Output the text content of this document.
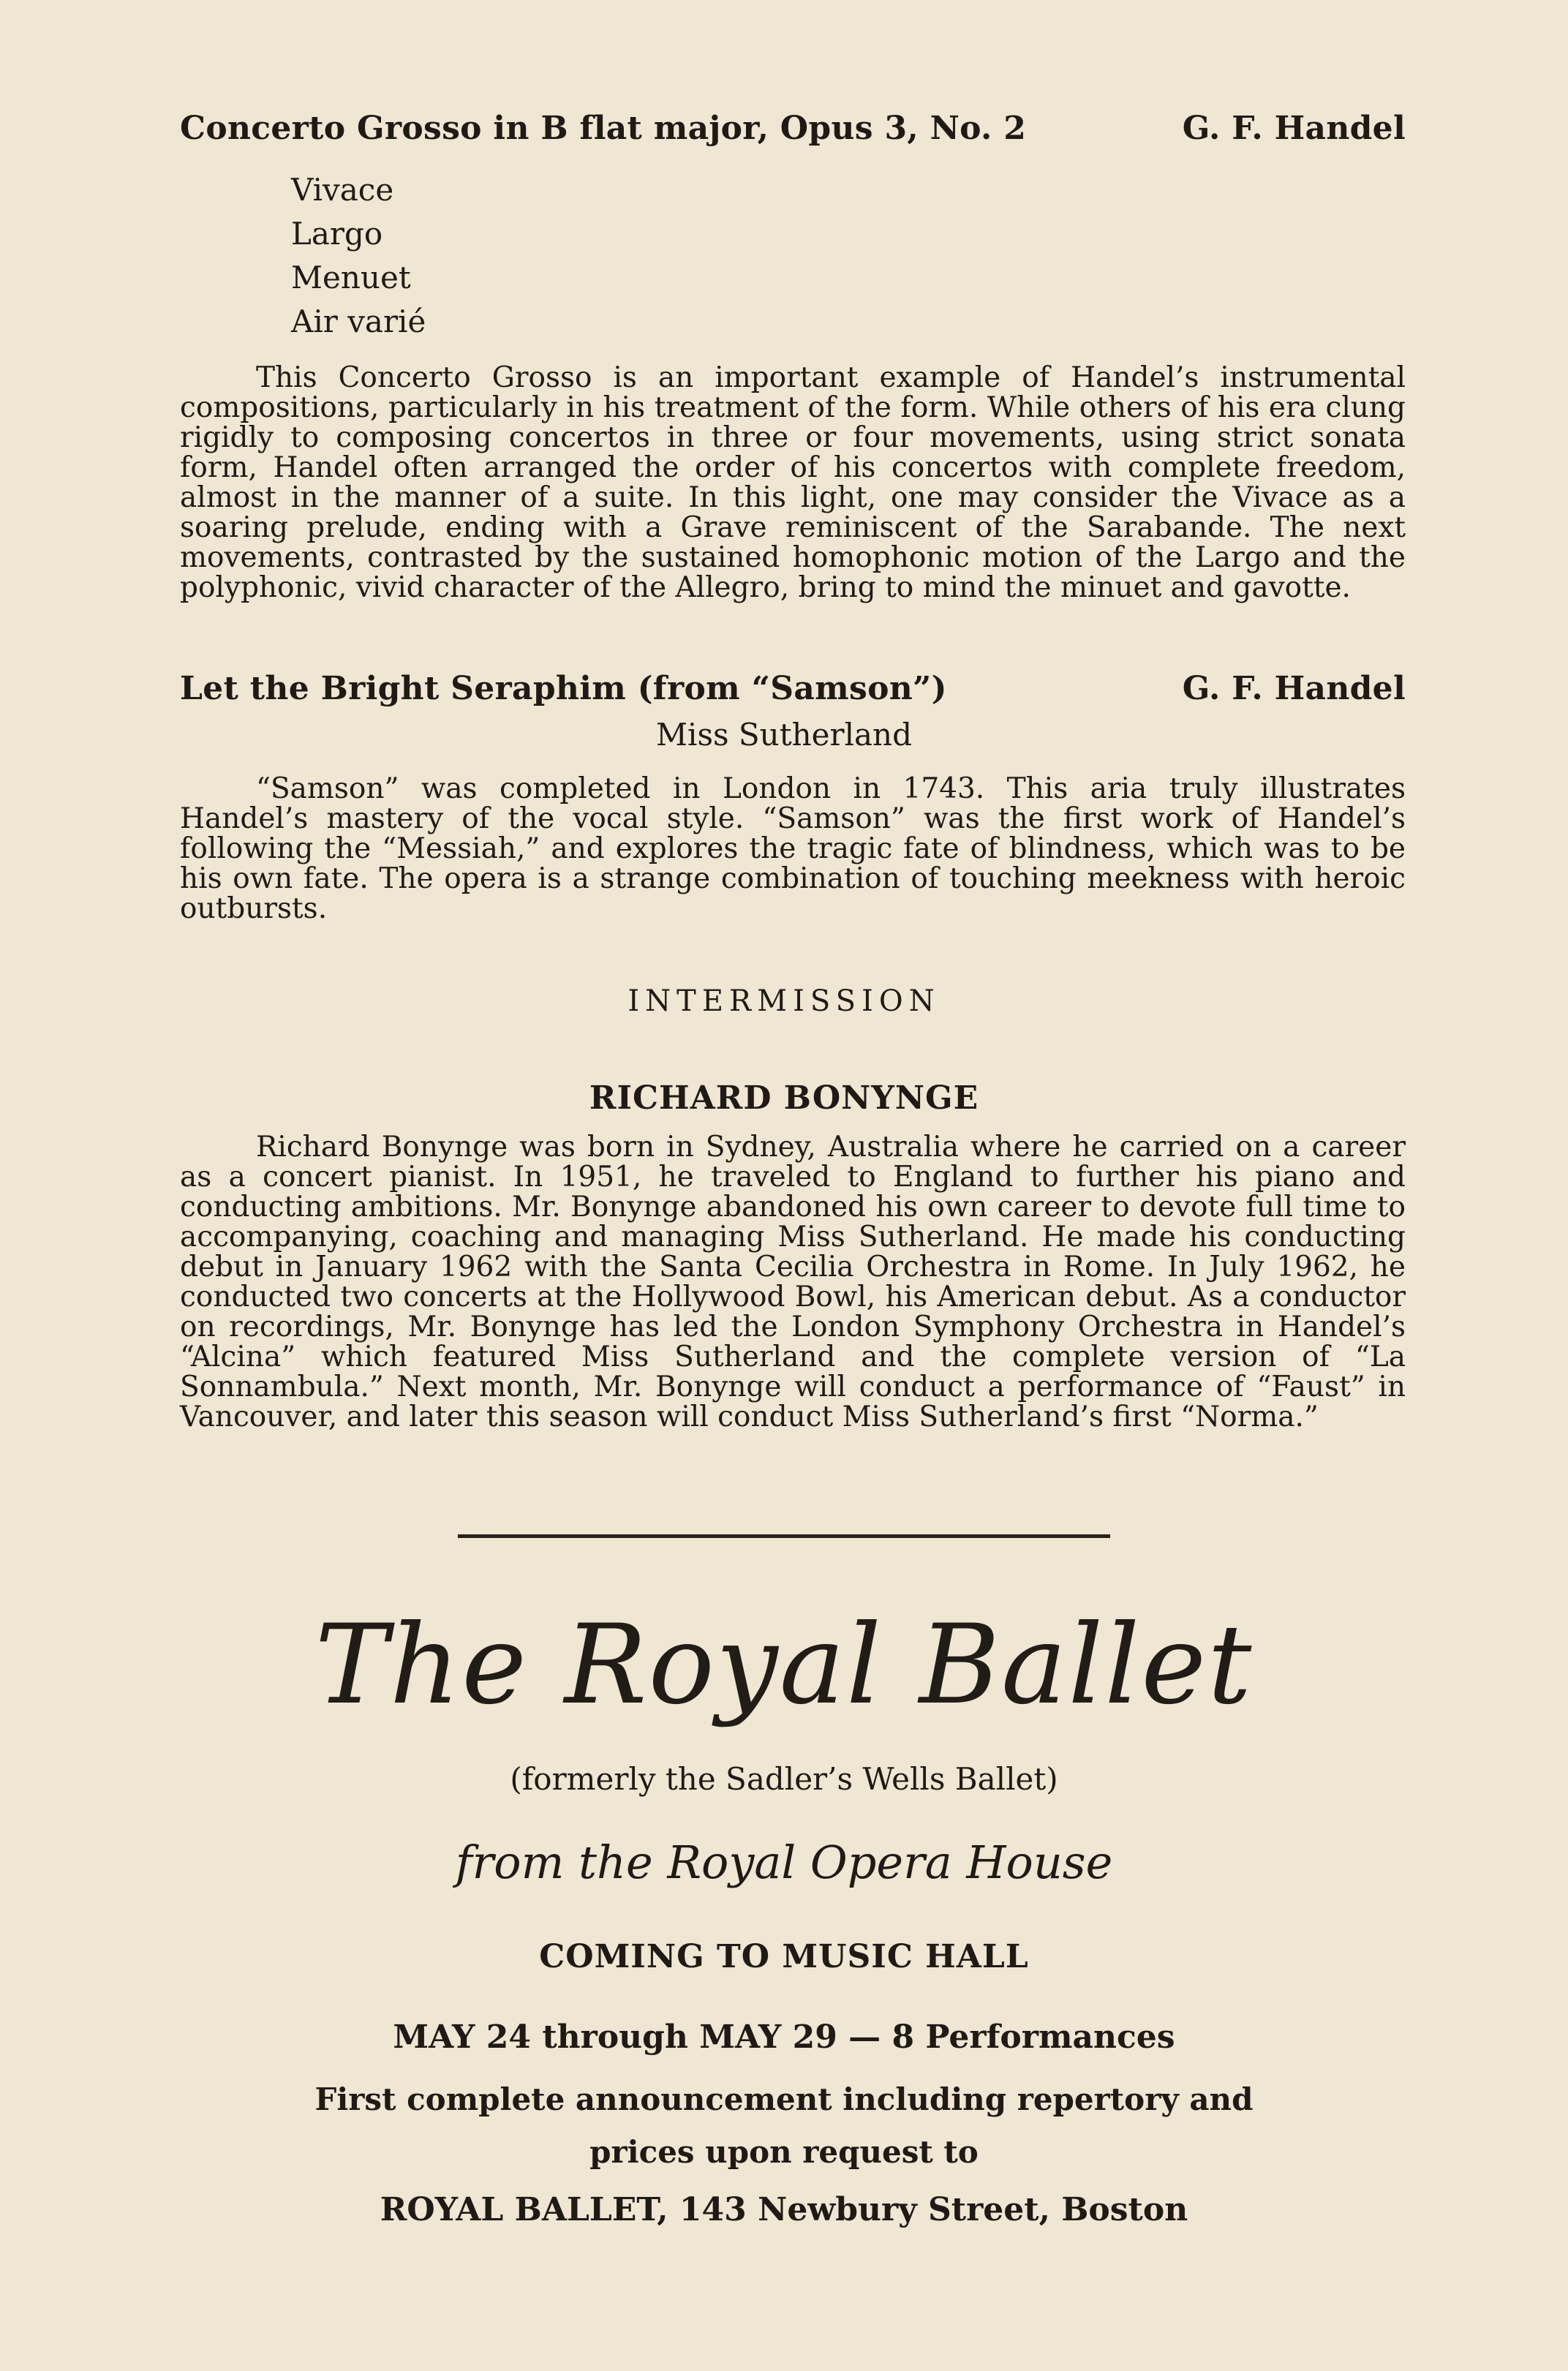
Concerto Grosso in B flat major, Opus 3, No. 2	G. F. Handel
Vivace
Largo
Menuet
Air varié
This Concerto Grosso is an important example of Handel’s instrumental compositions, particularly in his treatment of the form. While others of his era clung rigidly to composing concertos in three or four movements, using strict sonata form, Handel often arranged the order of his concertos with complete freedom, almost in the manner of a suite. In this light, one may consider the Vivace as a soaring prelude, ending with a Grave reminiscent of the Sarabande. The next movements, contrasted by the sustained homophonic motion of the Largo and the polyphonic, vivid character of the Allegro, bring to mind the minuet and gavotte.
Let the Bright Seraphim (from “Samson”)	G. F. Handel
Miss Sutherland
“Samson” was completed in London in 1743. This aria truly illustrates Handel’s mastery of the vocal style. “Samson” was the first work of Handel’s following the “Messiah,” and explores the tragic fate of blindness, which was to be his own fate. The opera is a strange combination of touching meekness with heroic outbursts.
INTERMISSION
RICHARD BONYNGE
Richard Bonynge was born in Sydney, Australia where he carried on a career as a concert pianist. In 1951, he traveled to England to further his piano and conducting ambitions. Mr. Bonynge abandoned his own career to devote full time to accompanying, coaching and managing Miss Sutherland. He made his conducting debut in January 1962 with the Santa Cecilia Orchestra in Rome. In July 1962, he conducted two concerts at the Hollywood Bowl, his American debut. As a conductor on recordings, Mr. Bonynge has led the London Symphony Orchestra in Handel’s “Alcina” which featured Miss Sutherland and the complete version of “La Sonnambula.” Next month, Mr. Bonynge will conduct a performance of “Faust” in Vancouver, and later this season will conduct Miss Sutherland’s first “Norma.”
The Royal Ballet
(formerly the Sadler’s Wells Ballet)
from the Royal Opera House
COMING TO MUSIC HALL
MAY 24 through MAY 29 — 8 Performances
First complete announcement including repertory and
prices upon request to
ROYAL BALLET, 143 Newbury Street, Boston
